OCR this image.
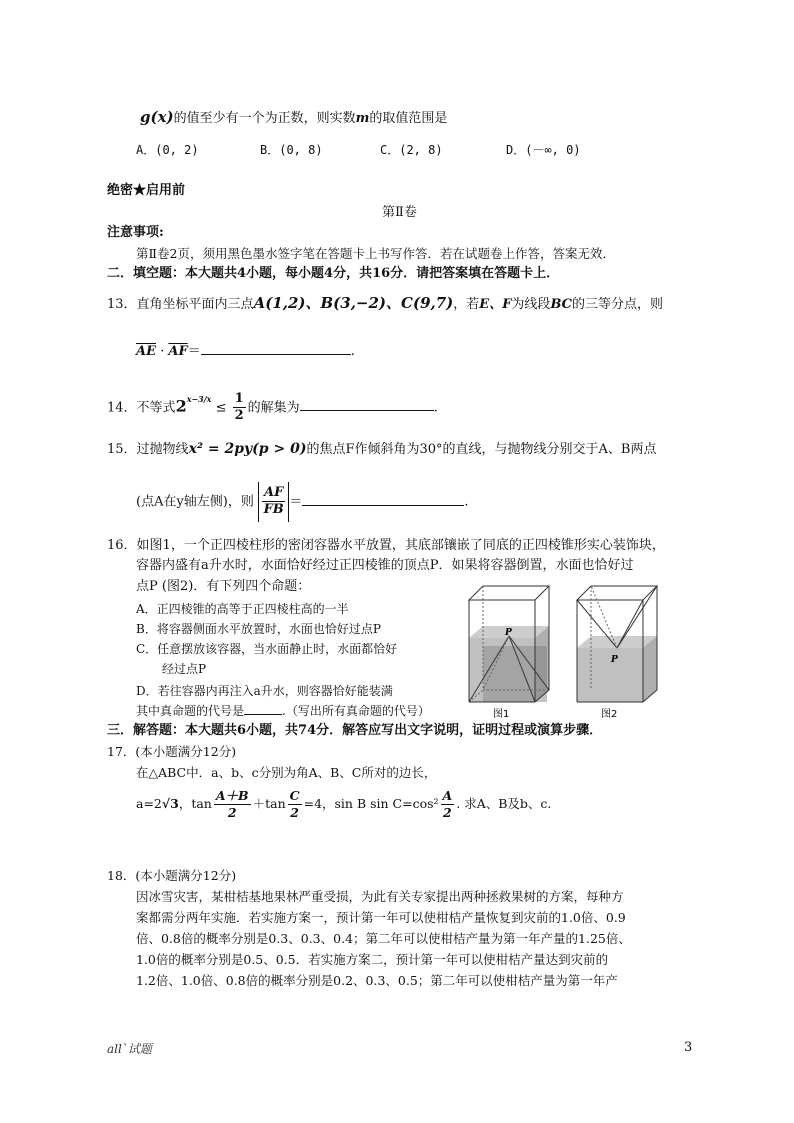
g(x)的值至少有一个为正数，则实数m的取值范围是
A．(0, 2)	B．(0, 8)	C．(2, 8)	D．(－∞, 0)
绝密★启用前
第Ⅱ卷
注意事项:
第Ⅱ卷2页，须用黑色墨水签字笔在答题卡上书写作答．若在试题卷上作答，答案无效．
二．填空题：本大题共4小题，每小题4分，共16分．请把答案填在答题卡上．
13．直角坐标平面内三点A(1,2)、B(3,−2)、C(9,7)，若E、F为线段BC的三等分点，则
$\overline{AE} \cdot \overline{AF}=$	.
14．不等式$2^{x-3/x} \le \frac{1}{2}$ 的解集为	.
15．过抛物线x² = 2py(p > 0)的焦点F作倾斜角为30°的直线，与抛物线分别交于A、B两点
(点A在y轴左侧)，则 $\frac{AF}{FB}$ ＝	.
16．如图1，一个正四棱柱形的密闭容器水平放置，其底部镶嵌了同底的正四棱锥形实心装饰块，
容器内盛有a升水时，水面恰好经过正四棱锥的顶点P．如果将容器倒置，水面也恰好过
点P (图2)．有下列四个命题：
A．正四棱锥的高等于正四棱柱高的一半
B．将容器侧面水平放置时，水面也恰好过点P
C．任意摆放该容器，当水面静止时，水面都恰好
经过点P
D．若往容器内再注入a升水，则容器恰好能装满
其中真命题的代号是	.（写出所有真命题的代号）
P
P
图1	图2
三．解答题：本大题共6小题，共74分．解答应写出文字说明，证明过程或演算步骤．
17．(本小题满分12分)
在△ABC中．a、b、c分别为角A、B、C所对的边长，
a=2√3，$\tan \frac{A+B}{2} +\tan \frac{C}{2} =4$，sin B $\sin C=\cos^2 \frac{A}{2}$ . 求A、B及b、c.
18．(本小题满分12分)
因冰雪灾害，某柑桔基地果林严重受损，为此有关专家提出两种拯救果树的方案，每种方
案都需分两年实施．若实施方案一，预计第一年可以使柑桔产量恢复到灾前的1.0倍、0.9
倍、0.8倍的概率分别是0.3、0.3、0.4；第二年可以使柑桔产量为第一年产量的1.25倍、
1.0倍的概率分别是0.5、0.5．若实施方案二，预计第一年可以使柑桔产量达到灾前的
1.2倍、1.0倍、0.8倍的概率分别是0.2、0.3、0.5；第二年可以使柑桔产量为第一年产
all`试题	3
